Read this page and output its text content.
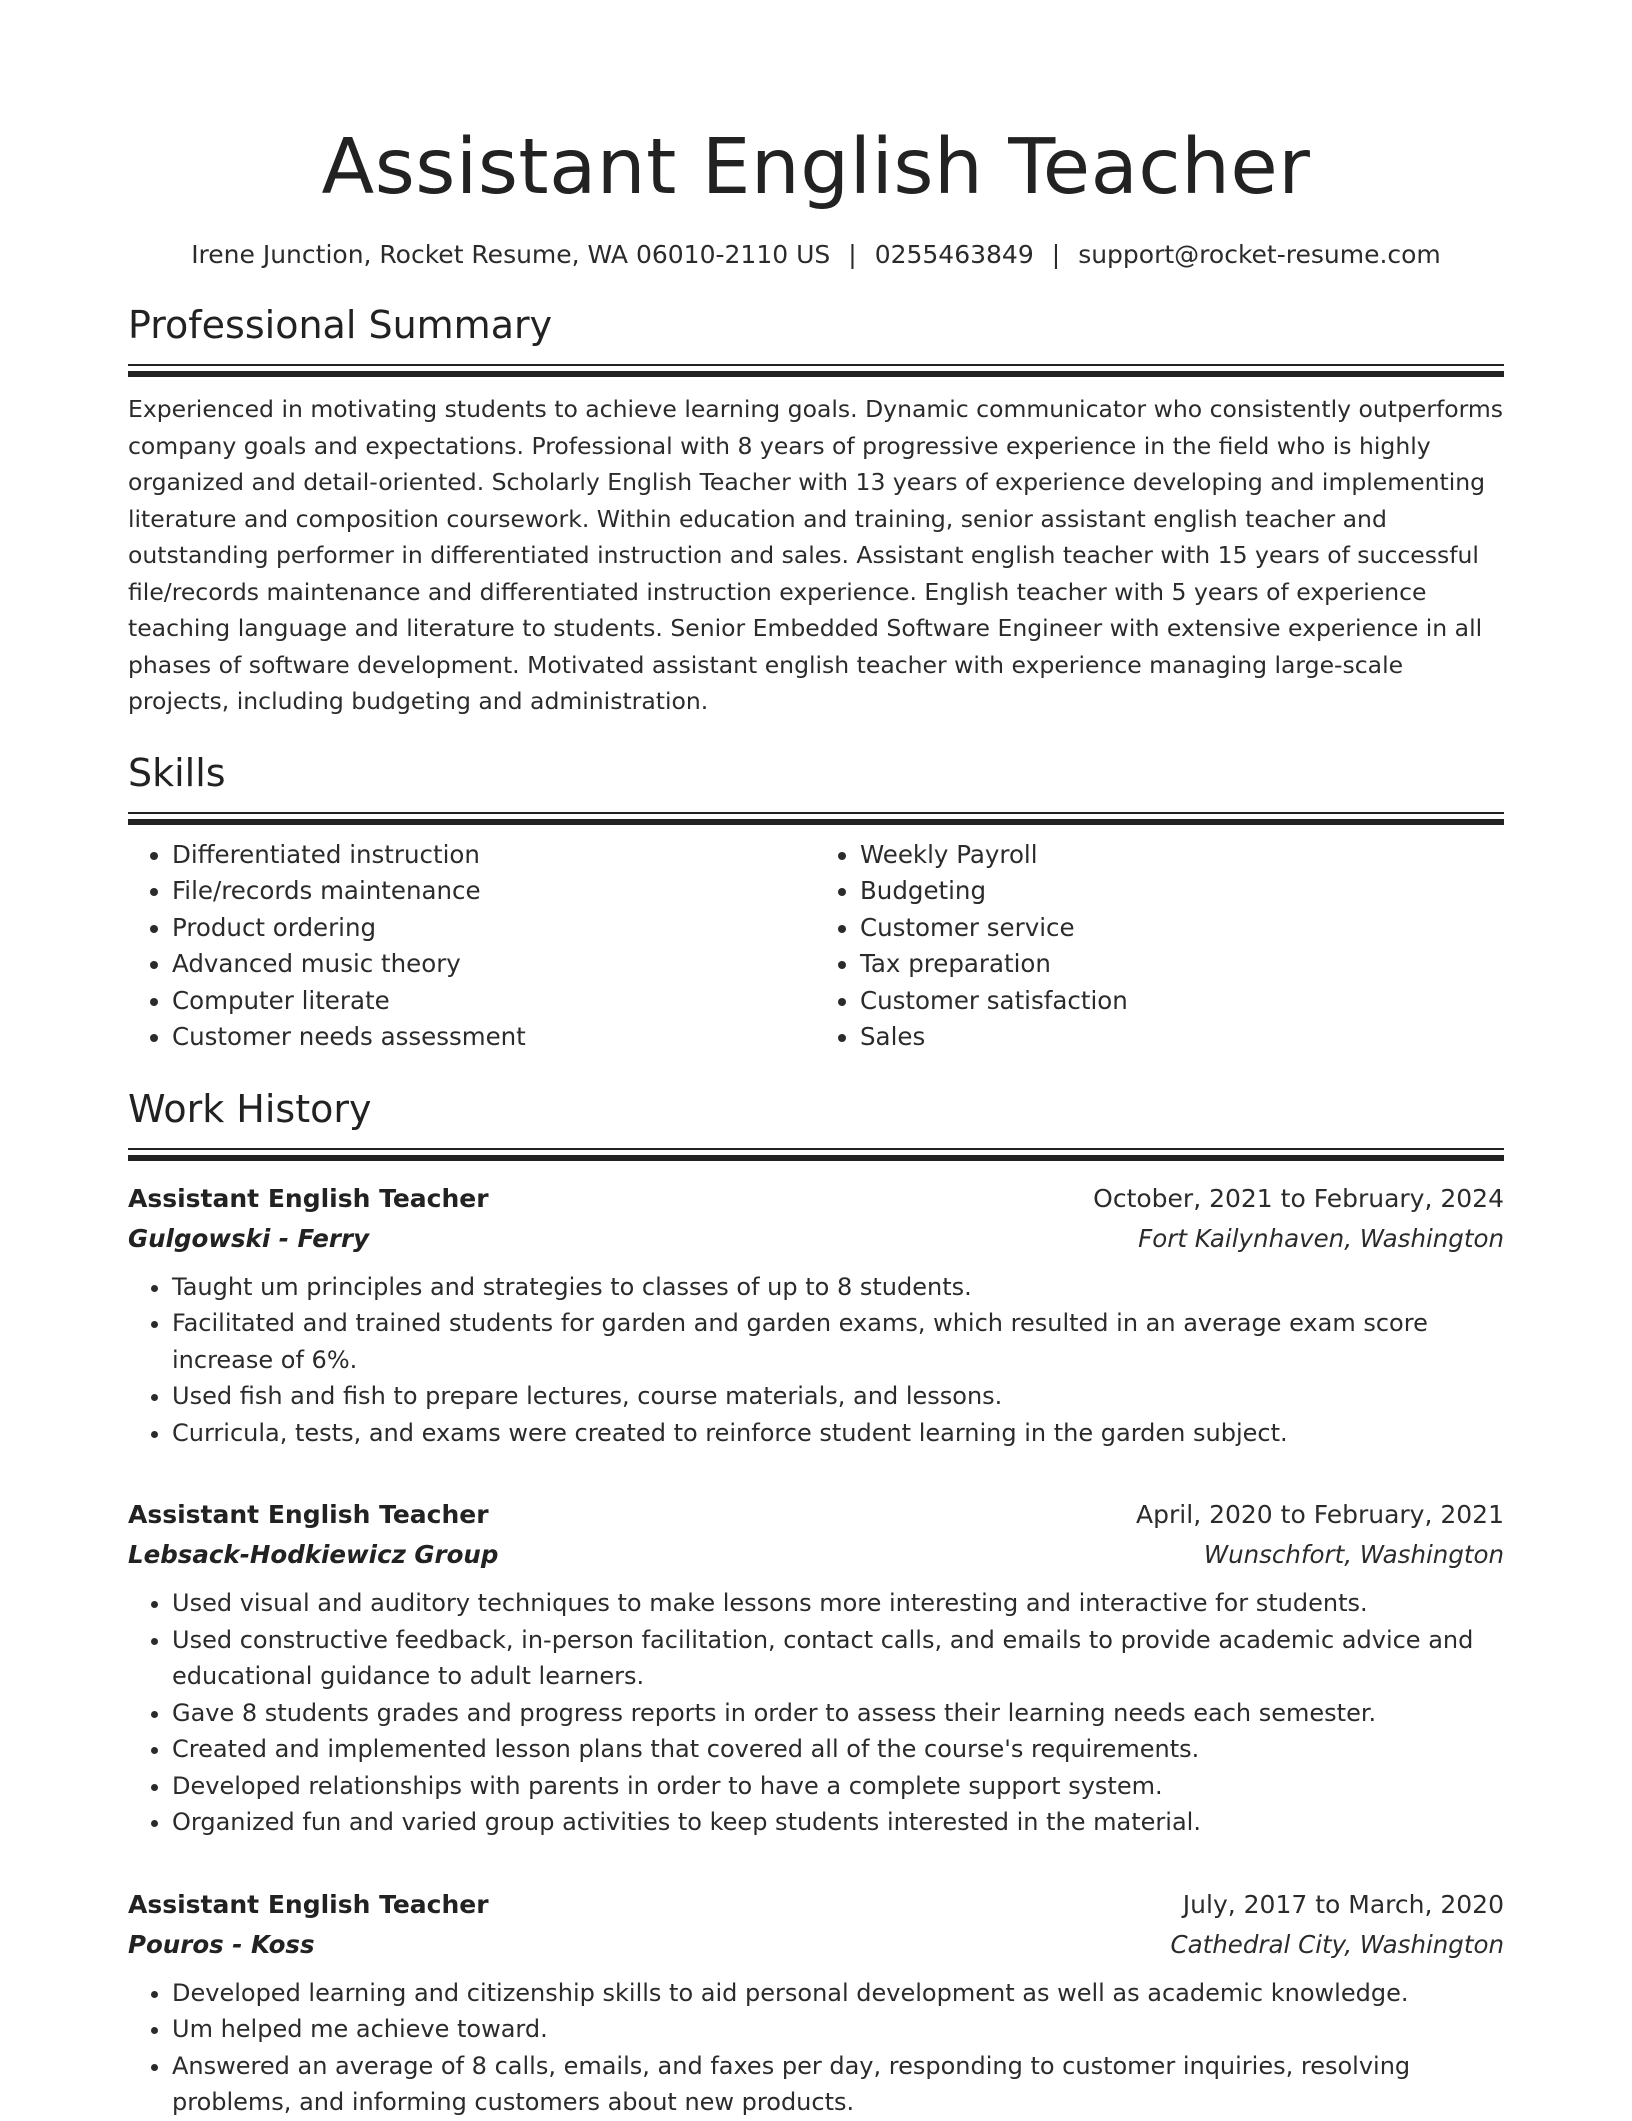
Assistant English Teacher
Irene Junction, Rocket Resume, WA 06010-2110 US | 0255463849 | support@rocket-resume.com
Professional Summary

Experienced in motivating students to achieve learning goals. Dynamic communicator who consistently outperforms company goals and expectations. Professional with 8 years of progressive experience in the field who is highly organized and detail-oriented. Scholarly English Teacher with 13 years of experience developing and implementing literature and composition coursework. Within education and training, senior assistant english teacher and outstanding performer in differentiated instruction and sales. Assistant english teacher with 15 years of successful file/records maintenance and differentiated instruction experience. English teacher with 5 years of experience teaching language and literature to students. Senior Embedded Software Engineer with extensive experience in all phases of software development. Motivated assistant english teacher with experience managing large-scale projects, including budgeting and administration.

Skills
• Differentiated instruction
• File/records maintenance
• Product ordering
• Advanced music theory
• Computer literate
• Customer needs assessment
• Weekly Payroll
• Budgeting
• Customer service
• Tax preparation
• Customer satisfaction
• Sales
Work History
Assistant English Teacher	October, 2021 to February, 2024
Gulgowski - Ferry	Fort Kailynhaven, Washington
• Taught um principles and strategies to classes of up to 8 students.
• Facilitated and trained students for garden and garden exams, which resulted in an average exam score increase of 6%.
• Used fish and fish to prepare lectures, course materials, and lessons.
• Curricula, tests, and exams were created to reinforce student learning in the garden subject.
Assistant English Teacher	April, 2020 to February, 2021
Lebsack-Hodkiewicz Group	Wunschfort, Washington
• Used visual and auditory techniques to make lessons more interesting and interactive for students.
• Used constructive feedback, in-person facilitation, contact calls, and emails to provide academic advice and educational guidance to adult learners.
• Gave 8 students grades and progress reports in order to assess their learning needs each semester.
• Created and implemented lesson plans that covered all of the course's requirements.
• Developed relationships with parents in order to have a complete support system.
• Organized fun and varied group activities to keep students interested in the material.
Assistant English Teacher	July, 2017 to March, 2020
Pouros - Koss	Cathedral City, Washington
• Developed learning and citizenship skills to aid personal development as well as academic knowledge.
• Um helped me achieve toward.
• Answered an average of 8 calls, emails, and faxes per day, responding to customer inquiries, resolving problems, and informing customers about new products.
